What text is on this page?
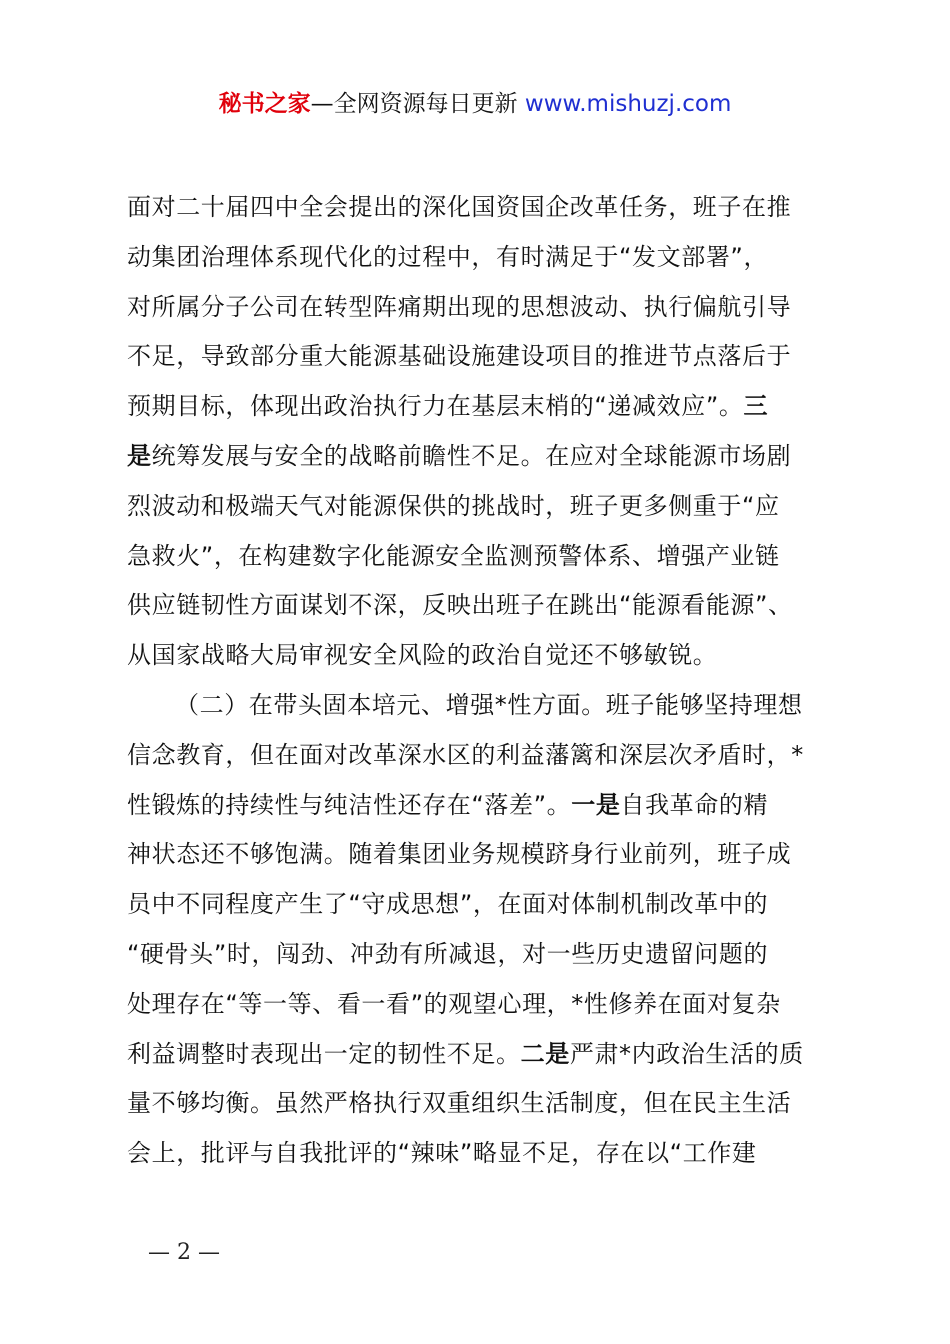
秘书之家—全网资源每日更新 www.mishuzj.com
面对二十届四中全会提出的深化国资国企改革任务，班子在推
动集团治理体系现代化的过程中，有时满足于“发文部署”，
对所属分子公司在转型阵痛期出现的思想波动、执行偏航引导
不足，导致部分重大能源基础设施建设项目的推进节点落后于
预期目标，体现出政治执行力在基层末梢的“递减效应”。三
是统筹发展与安全的战略前瞻性不足。在应对全球能源市场剧
烈波动和极端天气对能源保供的挑战时，班子更多侧重于“应
急救火”，在构建数字化能源安全监测预警体系、增强产业链
供应链韧性方面谋划不深，反映出班子在跳出“能源看能源”、
从国家战略大局审视安全风险的政治自觉还不够敏锐。
（二）在带头固本培元、增强*性方面。班子能够坚持理想
信念教育，但在面对改革深水区的利益藩篱和深层次矛盾时，*
性锻炼的持续性与纯洁性还存在“落差”。一是自我革命的精
神状态还不够饱满。随着集团业务规模跻身行业前列，班子成
员中不同程度产生了“守成思想”，在面对体制机制改革中的
“硬骨头”时，闯劲、冲劲有所减退，对一些历史遗留问题的
处理存在“等一等、看一看”的观望心理，*性修养在面对复杂
利益调整时表现出一定的韧性不足。二是严肃*内政治生活的质
量不够均衡。虽然严格执行双重组织生活制度，但在民主生活
会上，批评与自我批评的“辣味”略显不足，存在以“工作建
— 2 —
